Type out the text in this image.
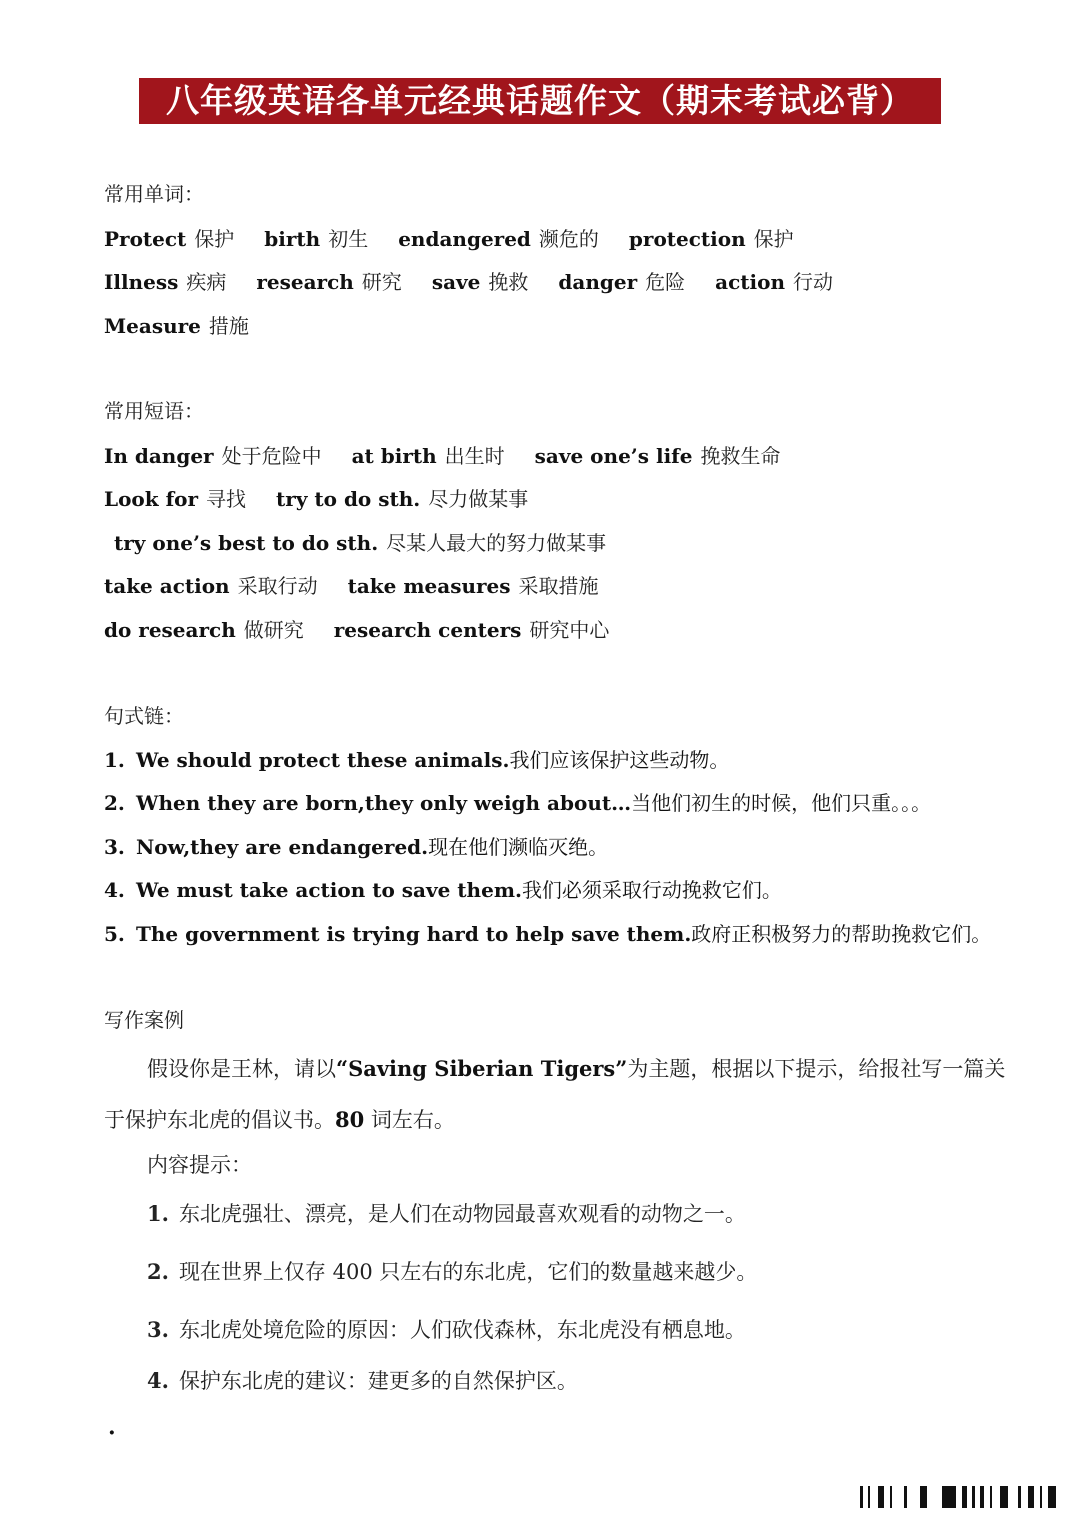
八年级英语各单元经典话题作文（期末考试必背）
常用单词：
Protect 保护 birth 初生 endangered 濒危的 protection 保护
Illness 疾病 research 研究 save 挽救 danger 危险 action 行动
Measure 措施
常用短语：
In danger 处于危险中 at birth 出生时 save one’s life 挽救生命
Look for 寻找 try to do sth. 尽力做某事
try one’s best to do sth. 尽某人最大的努力做某事
take action 采取行动 take measures 采取措施
do research 做研究 research centers 研究中心
句式链：
1. We should protect these animals.我们应该保护这些动物。
2. When they are born,they only weigh about…当他们初生的时候，他们只重。。。
3. Now,they are endangered.现在他们濒临灭绝。
4. We must take action to save them.我们必须采取行动挽救它们。
5. The government is trying hard to help save them.政府正积极努力的帮助挽救它们。
写作案例
假设你是王林，请以“Saving Siberian Tigers”为主题，根据以下提示，给报社写一篇关
于保护东北虎的倡议书。80 词左右。
内容提示：
1. 东北虎强壮、漂亮，是人们在动物园最喜欢观看的动物之一。
2. 现在世界上仅存 400 只左右的东北虎，它们的数量越来越少。
3. 东北虎处境危险的原因：人们砍伐森林，东北虎没有栖息地。
4. 保护东北虎的建议：建更多的自然保护区。
·
